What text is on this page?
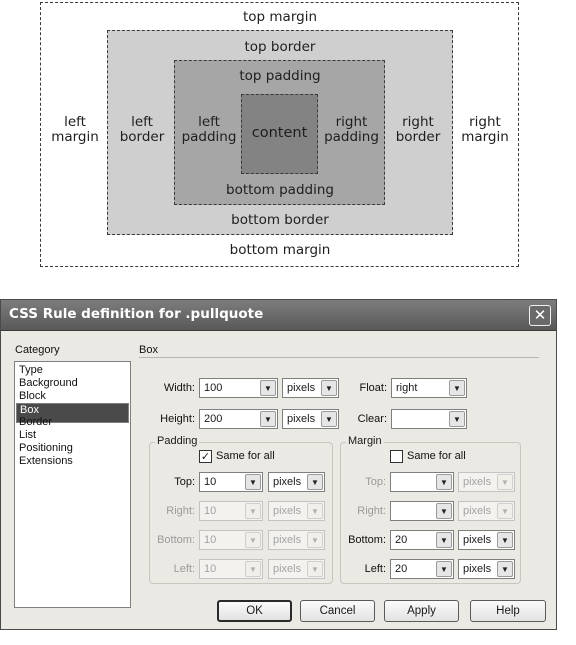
top margin
top border
top padding
left
margin
left
border
left
padding	content
right
padding
right
border
right
margin
bottom padding
bottom border
bottom margin
CSS Rule definition for .pullquote	✕
Category
Type
Background
Block
Box
Border
List
Positioning
Extensions
Box
Width: 100	▼	pixels	▼
Height: 200	▼	pixels	▼
Float: right	▼
Clear:	▼
Padding
✓ Same for all
Top: 10	▼	pixels	▼
Right: 10	▼	pixels	▼
Bottom: 10	▼	pixels	▼
Left: 10	▼	pixels	▼
Margin
Same for all
Top:	▼	pixels	▼
Right:	▼	pixels	▼
Bottom: 20	▼	pixels	▼
Left: 20	▼	pixels	▼
OK	Cancel	Apply	Help
